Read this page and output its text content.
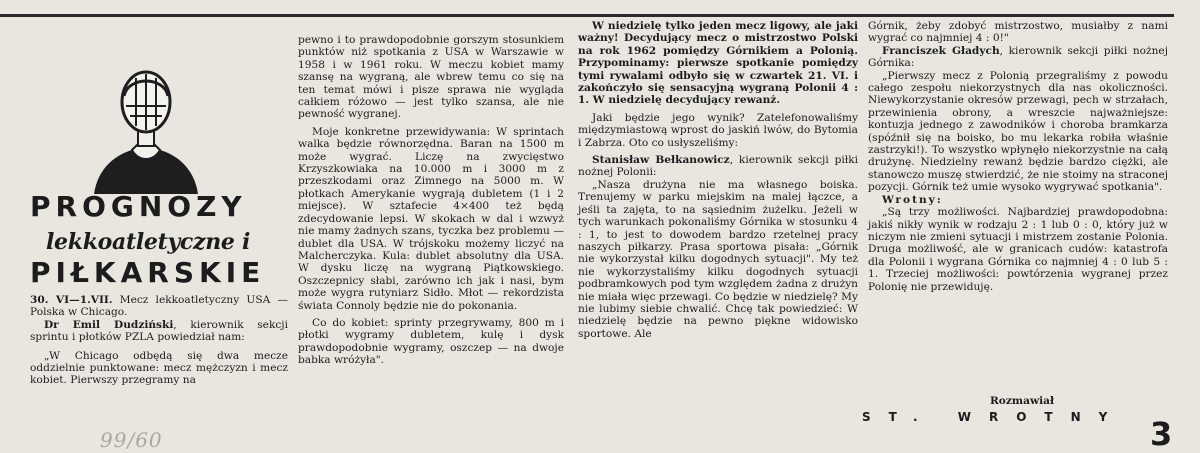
PROGNOZY
lekkoatletyczne i
PIŁKARSKIE

30. VI—1.VII. Mecz lekkoatletyczny USA — Polska w Chicago.

Dr Emil Dudziński, kierownik sekcji sprintu i płotków PZLA powiedział nam:

„W Chicago odbędą się dwa mecze oddzielnie punktowane: mecz mężczyzn i mecz kobiet. Pierwszy przegramy na

pewno i to prawdopodobnie gorszym stosunkiem punktów niż spotkania z USA w Warszawie w 1958 i w 1961 roku. W meczu kobiet mamy szansę na wygraną, ale wbrew temu co się na ten temat mówi i pisze sprawa nie wygląda całkiem różowo — jest tylko szansa, ale nie pewność wygranej.

Moje konkretne przewidywania: W sprintach walka będzie równorzędna. Baran na 1500 m może wygrać. Liczę na zwycięstwo Krzyszkowiaka na 10.000 m i 3000 m z przeszkodami oraz Zimnego na 5000 m. W płotkach Amerykanie wygrają dubletem (1 i 2 miejsce). W sztafecie 4×400 też będą zdecydowanie lepsi. W skokach w dal i wzwyż nie mamy żadnych szans, tyczka bez problemu — dublet dla USA. W trójskoku możemy liczyć na Malcherczyka. Kula: dublet absolutny dla USA. W dysku liczę na wygraną Piątkowskiego. Oszczepnicy słabi, zarówno ich jak i nasi, bym może wygra rutyniarz Sidło. Młot — rekordzista świata Connoly będzie nie do pokonania.

Co do kobiet: sprinty przegrywamy, 800 m i płotki wygramy dubletem, kulę i dysk prawdopodobnie wygramy, oszczep — na dwoje babka wróżyła".

W niedzielę tylko jeden mecz ligowy, ale jaki ważny! Decydujący mecz o mistrzostwo Polski na rok 1962 pomiędzy Górnikiem a Polonią. Przypominamy: pierwsze spotkanie pomiędzy tymi rywalami odbyło się w czwartek 21. VI. i zakończyło się sensacyjną wygraną Polonii 4 : 1. W niedzielę decydujący rewanż.

Jaki będzie jego wynik? Zatelefonowaliśmy międzymiastową wprost do jaskiń lwów, do Bytomia i Zabrza. Oto co usłyszeliśmy:

Stanisław Bełkanowicz, kierownik sekcji piłki nożnej Polonii:

„Nasza drużyna nie ma własnego boiska. Trenujemy w parku miejskim na malej łączce, a jeśli ta zajęta, to na sąsiednim żużelku. Jeżeli w tych warunkach pokonaliśmy Górnika w stosunku 4 : 1, to jest to dowodem bardzo rzetelnej pracy naszych piłkarzy. Prasa sportowa pisała: „Górnik nie wykorzystał kilku dogodnych sytuacji". My też nie wykorzystaliśmy kilku dogodnych sytuacji podbramkowych pod tym względem żadna z drużyn nie miała więc przewagi. Co będzie w niedzielę? My nie lubimy siebie chwalić. Chcę tak powiedzieć: W niedzielę będzie na pewno piękne widowisko sportowe. Ale

Górnik, żeby zdobyć mistrzostwo, musiałby z nami wygrać co najmniej 4 : 0!"

Franciszek Gładych, kierownik sekcji piłki nożnej Górnika:

„Pierwszy mecz z Polonią przegraliśmy z powodu całego zespołu niekorzystnych dla nas okoliczności. Niewykorzystanie okresów przewagi, pech w strzałach, przewinienia obrony, a wreszcie najważniejsze: kontuzja jednego z zawodników i choroba bramkarza (spóźnił się na boisko, bo mu lekarka robiła właśnie zastrzyki!). To wszystko wpłynęło niekorzystnie na całą drużynę. Niedzielny rewanż będzie bardzo ciężki, ale stanowczo muszę stwierdzić, że nie stoimy na straconej pozycji. Górnik też umie wysoko wygrywać spotkania".

Wrotny:

„Są trzy możliwości. Najbardziej prawdopodobna: jakiś nikły wynik w rodzaju 2 : 1 lub 0 : 0, który już w niczym nie zmieni sytuacji i mistrzem zostanie Polonia. Druga możliwość, ale w granicach cudów: katastrofa dla Polonii i wygrana Górnika co najmniej 4 : 0 lub 5 : 1. Trzeciej możliwości: powtórzenia wygranej przez Polonię nie przewiduję.

Rozmawiał
ST. WROTNY 3
99/60
